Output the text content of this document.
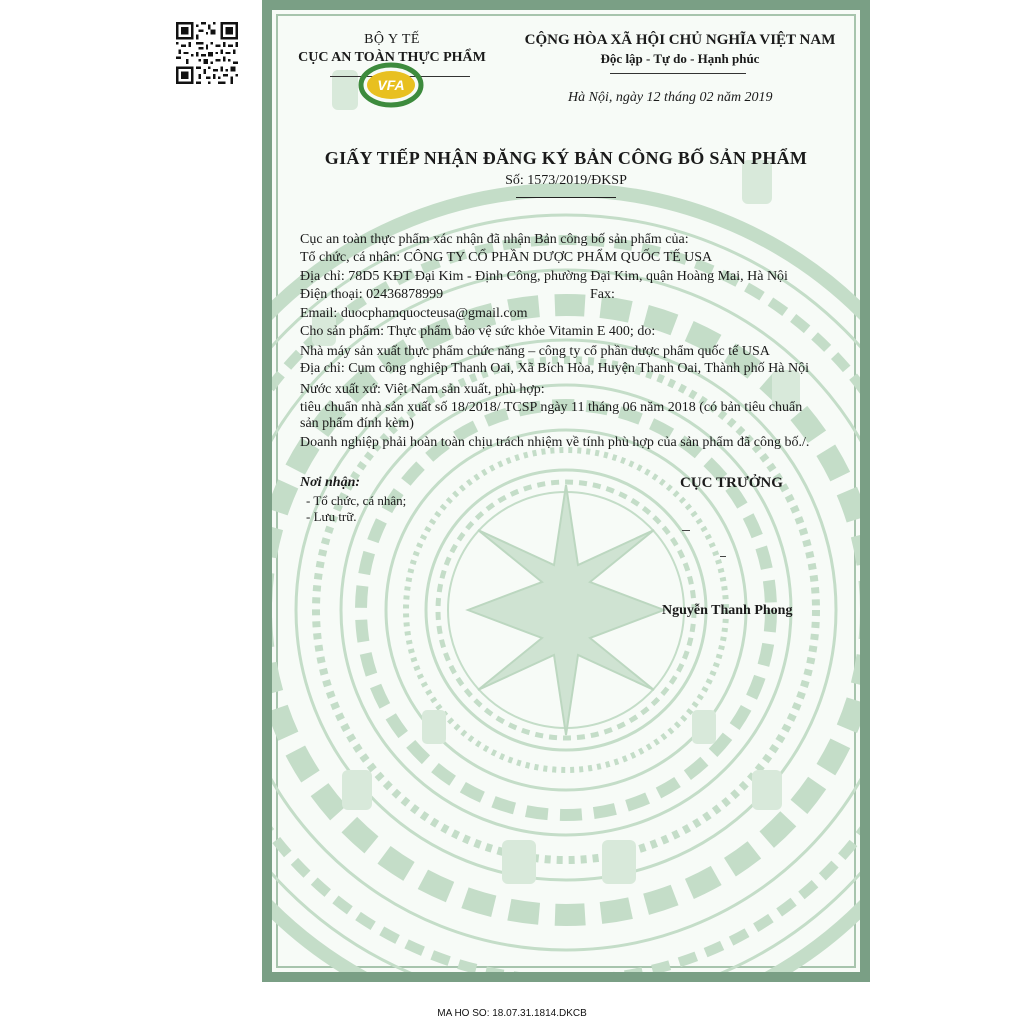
BỘ Y TẾ
CỤC AN TOÀN THỰC PHẨM
VFA
CỘNG HÒA XÃ HỘI CHỦ NGHĨA VIỆT NAM
Độc lập - Tự do - Hạnh phúc
Hà Nội, ngày 12 tháng 02 năm 2019
GIẤY TIẾP NHẬN ĐĂNG KÝ BẢN CÔNG BỐ SẢN PHẨM
Số: 1573/2019/ĐKSP
Cục an toàn thực phẩm xác nhận đã nhận Bản công bố sản phẩm của:
Tổ chức, cá nhân: CÔNG TY CỔ PHẦN DƯỢC PHẨM QUỐC TẾ USA
Địa chỉ: 78D5 KĐT Đại Kim - Định Công, phường Đại Kim, quận Hoàng Mai, Hà Nội
Điện thoại: 02436878999	Fax:
Email: duocphamquocteusa@gmail.com
Cho sản phẩm: Thực phẩm bảo vệ sức khỏe Vitamin E 400; do:
Nhà máy sản xuất thực phẩm chức năng – công ty cổ phần dược phẩm quốc tế USA
Địa chỉ: Cụm công nghiệp Thanh Oai, Xã Bích Hòa, Huyện Thanh Oai, Thành phố Hà Nội
Nước xuất xứ: Việt Nam sản xuất, phù hợp:
tiêu chuẩn nhà sản xuất số 18/2018/ TCSP ngày 11 tháng 06 năm 2018 (có bản tiêu chuẩn
sản phẩm đính kèm)
Doanh nghiệp phải hoàn toàn chịu trách nhiệm về tính phù hợp của sản phẩm đã công bố./.
Nơi nhận:
- Tổ chức, cá nhân;
- Lưu trữ.
CỤC TRƯỞNG
Nguyễn Thanh Phong
MA HO SO: 18.07.31.1814.DKCB
